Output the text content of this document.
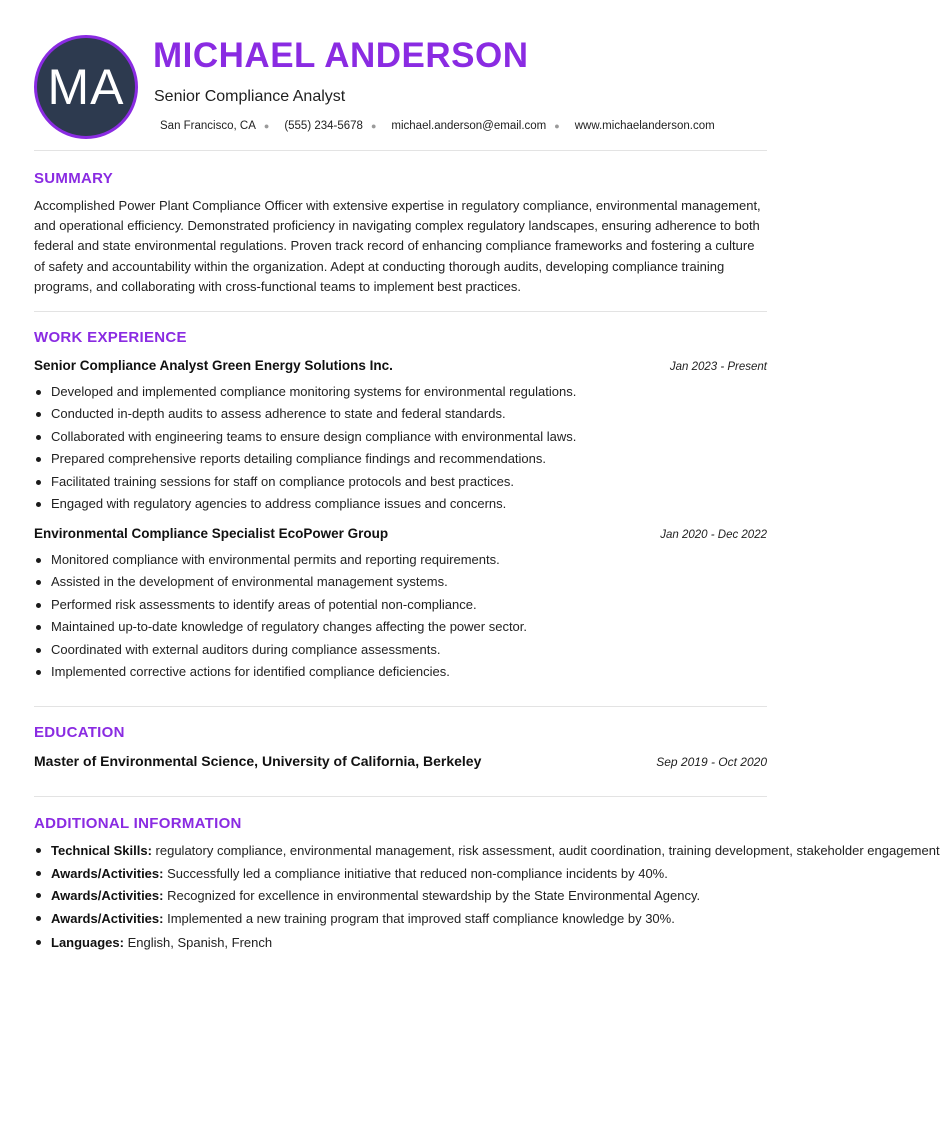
MA
MICHAEL ANDERSON
Senior Compliance Analyst
San Francisco, CA ● (555) 234-5678 ● michael.anderson@email.com ● www.michaelanderson.com
SUMMARY

Accomplished Power Plant Compliance Officer with extensive expertise in regulatory compliance, environmental management, and operational efficiency. Demonstrated proficiency in navigating complex regulatory landscapes, ensuring adherence to both federal and state environmental regulations. Proven track record of enhancing compliance frameworks and fostering a culture of safety and accountability within the organization. Adept at conducting thorough audits, developing compliance training programs, and collaborating with cross-functional teams to implement best practices.

WORK EXPERIENCE
Senior Compliance Analyst Green Energy Solutions Inc.	Jan 2023 - Present
Developed and implemented compliance monitoring systems for environmental regulations.
Conducted in-depth audits to assess adherence to state and federal standards.
Collaborated with engineering teams to ensure design compliance with environmental laws.
Prepared comprehensive reports detailing compliance findings and recommendations.
Facilitated training sessions for staff on compliance protocols and best practices.
Engaged with regulatory agencies to address compliance issues and concerns.
Environmental Compliance Specialist EcoPower Group	Jan 2020 - Dec 2022
Monitored compliance with environmental permits and reporting requirements.
Assisted in the development of environmental management systems.
Performed risk assessments to identify areas of potential non-compliance.
Maintained up-to-date knowledge of regulatory changes affecting the power sector.
Coordinated with external auditors during compliance assessments.
Implemented corrective actions for identified compliance deficiencies.
EDUCATION
Master of Environmental Science, University of California, Berkeley	Sep 2019 - Oct 2020
ADDITIONAL INFORMATION
Technical Skills: regulatory compliance, environmental management, risk assessment, audit coordination, training development, stakeholder engagement
Awards/Activities: Successfully led a compliance initiative that reduced non-compliance incidents by 40%.
Awards/Activities: Recognized for excellence in environmental stewardship by the State Environmental Agency.
Awards/Activities: Implemented a new training program that improved staff compliance knowledge by 30%.
Languages: English, Spanish, French
